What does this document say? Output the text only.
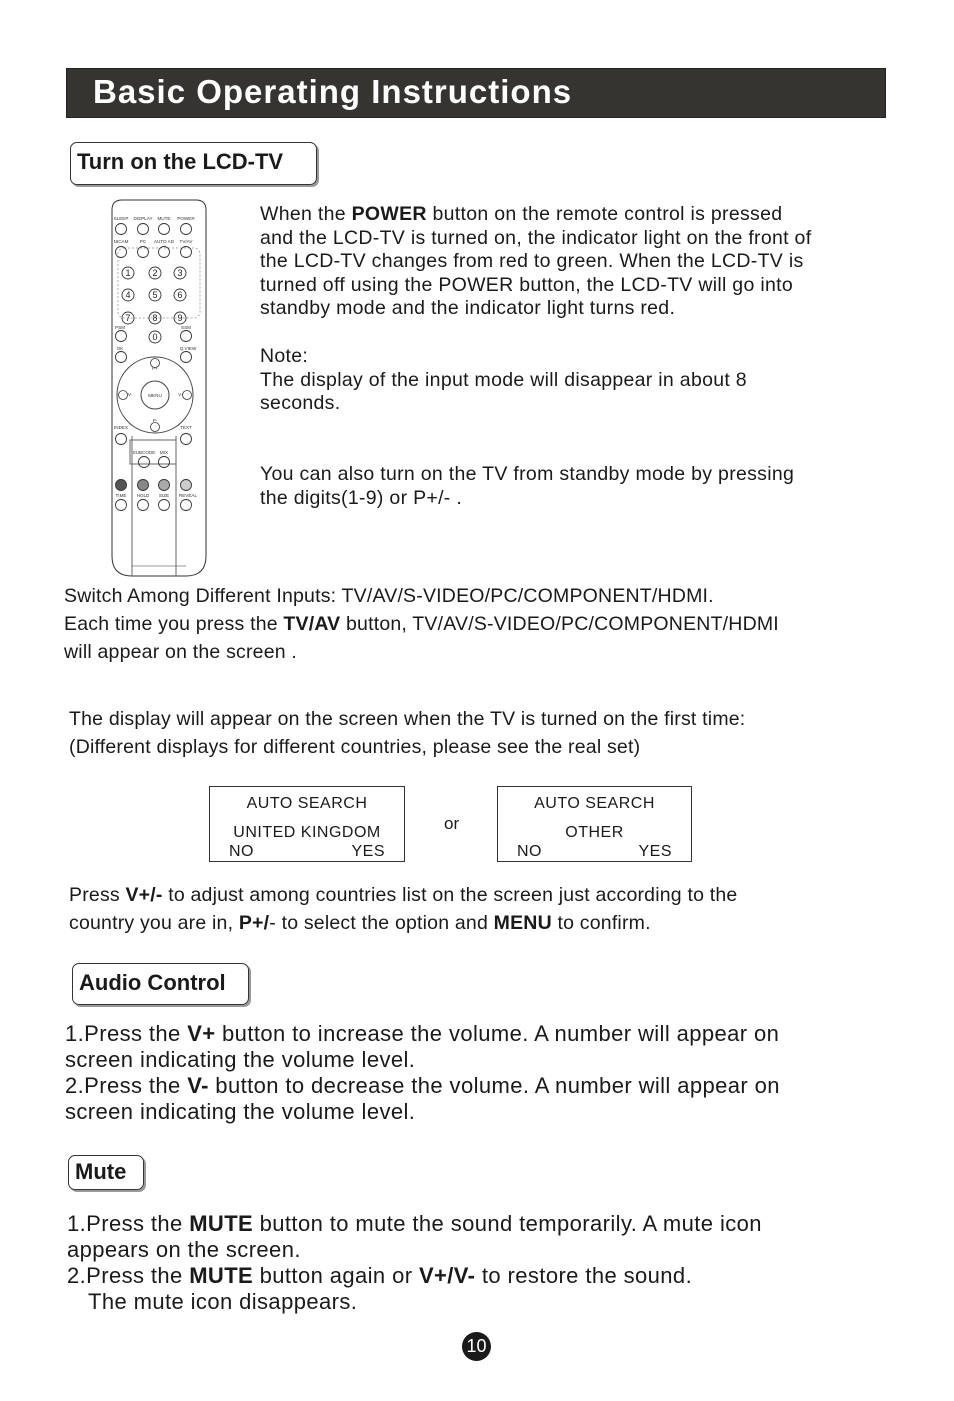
Basic Operating Instructions
Turn on the LCD-TV
SLEEP DISPLAY MUTE POWER
NICAM PC AUTO AD TV/AV
PSM	SSM
OK	Q.VIEW
P+
P-
V-	V+
MENU
INDEX	TEXT
SUBCODE MIX
TIME HOLD SIZE REVEAL
1 2 3
4 5 6
7 8 9
0
When the POWER button on the remote control is pressed
and the LCD-TV is turned on, the indicator light on the front of
the LCD-TV changes from red to green. When the LCD-TV is
turned off using the POWER button, the LCD-TV will go into
standby mode and the indicator light turns red.
Note:
The display of the input mode will disappear in about 8
seconds.
You can also turn on the TV from standby mode by pressing
the digits(1-9) or P+/- .
Switch Among Different Inputs: TV/AV/S-VIDEO/PC/COMPONENT/HDMI.
Each time you press the TV/AV button, TV/AV/S-VIDEO/PC/COMPONENT/HDMI
will appear on the screen .
The display will appear on the screen when the TV is turned on the first time:
(Different displays for different countries, please see the real set)
AUTO SEARCH
UNITED KINGDOM
NO	YES
or
AUTO SEARCH
OTHER
NO	YES
Press V+/- to adjust among countries list on the screen just according to the
country you are in, P+/- to select the option and MENU to confirm.
Audio Control
1.Press the V+ button to increase the volume. A number will appear on
screen indicating the volume level.
2.Press the V- button to decrease the volume. A number will appear on
screen indicating the volume level.
Mute
1.Press the MUTE button to mute the sound temporarily. A mute icon
appears on the screen.
2.Press the MUTE button again or V+/V- to restore the sound.
The mute icon disappears.
10
